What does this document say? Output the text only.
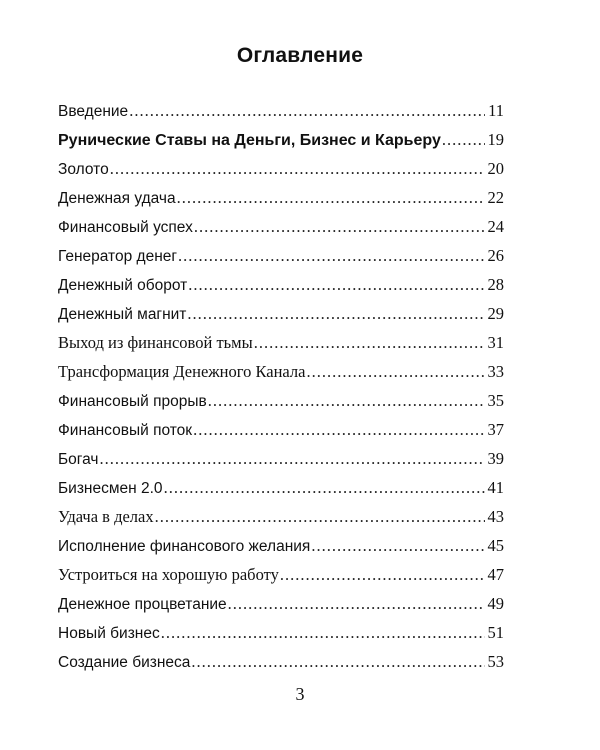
Оглавление
Введение .....	11
Рунические Ставы на Деньги, Бизнес и Карьеру .....	19
Золото .....	20
Денежная удача .....	22
Финансовый успех .....	24
Генератор денег .....	26
Денежный оборот .....	28
Денежный магнит .....	29
Выход из финансовой тьмы .....	31
Трансформация Денежного Канала .....	33
Финансовый прорыв .....	35
Финансовый поток .....	37
Богач .....	39
Бизнесмен 2.0 .....	41
Удача в делах .....	43
Исполнение финансового желания .....	45
Устроиться на хорошую работу .....	47
Денежное процветание .....	49
Новый бизнес .....	51
Создание бизнеса .....	53
3
